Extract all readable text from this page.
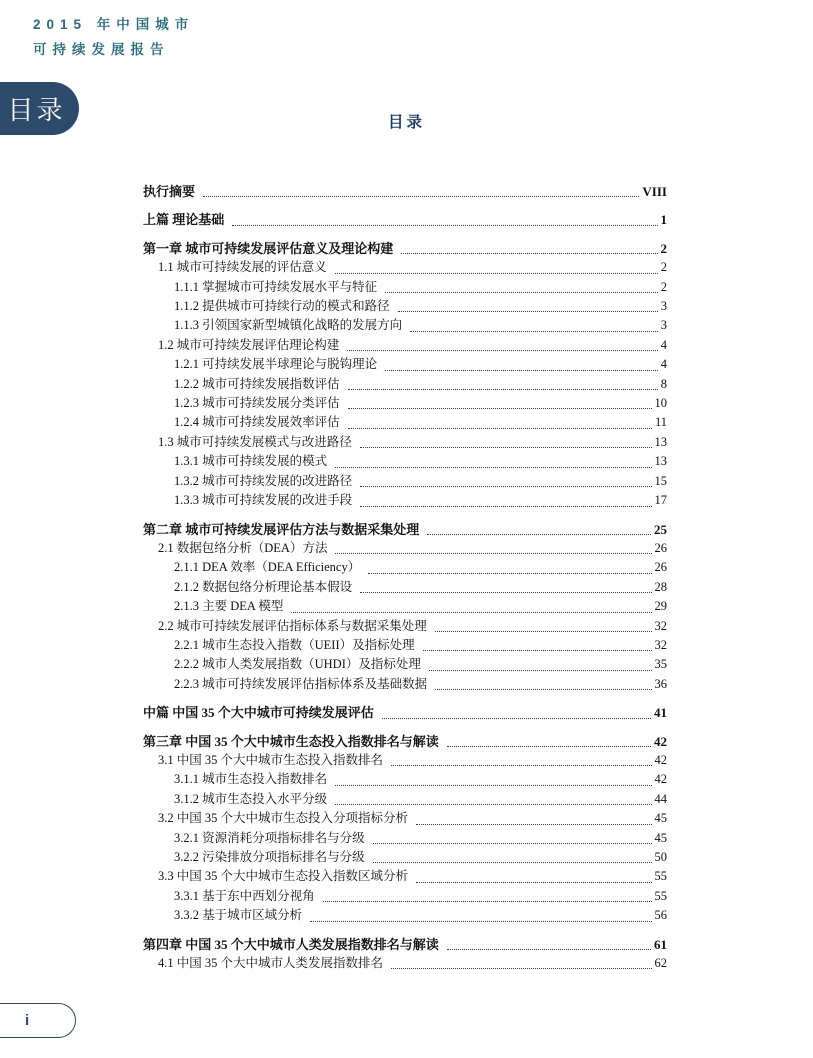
2015 年中国城市
可持续发展报告
目录	目录
执行摘要	VIII
上篇 理论基础	1
第一章 城市可持续发展评估意义及理论构建	2
1.1 城市可持续发展的评估意义	2
1.1.1 掌握城市可持续发展水平与特征	2
1.1.2 提供城市可持续行动的模式和路径	3
1.1.3 引领国家新型城镇化战略的发展方向	3
1.2 城市可持续发展评估理论构建	4
1.2.1 可持续发展半球理论与脱钩理论	4
1.2.2 城市可持续发展指数评估	8
1.2.3 城市可持续发展分类评估	10
1.2.4 城市可持续发展效率评估	11
1.3 城市可持续发展模式与改进路径	13
1.3.1 城市可持续发展的模式	13
1.3.2 城市可持续发展的改进路径	15
1.3.3 城市可持续发展的改进手段	17
第二章 城市可持续发展评估方法与数据采集处理	25
2.1 数据包络分析（DEA）方法	26
2.1.1 DEA 效率（DEA Efficiency）	26
2.1.2 数据包络分析理论基本假设	28
2.1.3 主要 DEA 模型	29
2.2 城市可持续发展评估指标体系与数据采集处理	32
2.2.1 城市生态投入指数（UEII）及指标处理	32
2.2.2 城市人类发展指数（UHDI）及指标处理	35
2.2.3 城市可持续发展评估指标体系及基础数据	36
中篇 中国 35 个大中城市可持续发展评估	41
第三章 中国 35 个大中城市生态投入指数排名与解读	42
3.1 中国 35 个大中城市生态投入指数排名	42
3.1.1 城市生态投入指数排名	42
3.1.2 城市生态投入水平分级	44
3.2 中国 35 个大中城市生态投入分项指标分析	45
3.2.1 资源消耗分项指标排名与分级	45
3.2.2 污染排放分项指标排名与分级	50
3.3 中国 35 个大中城市生态投入指数区域分析	55
3.3.1 基于东中西划分视角	55
3.3.2 基于城市区域分析	56
第四章 中国 35 个大中城市人类发展指数排名与解读	61
4.1 中国 35 个大中城市人类发展指数排名	62
i
